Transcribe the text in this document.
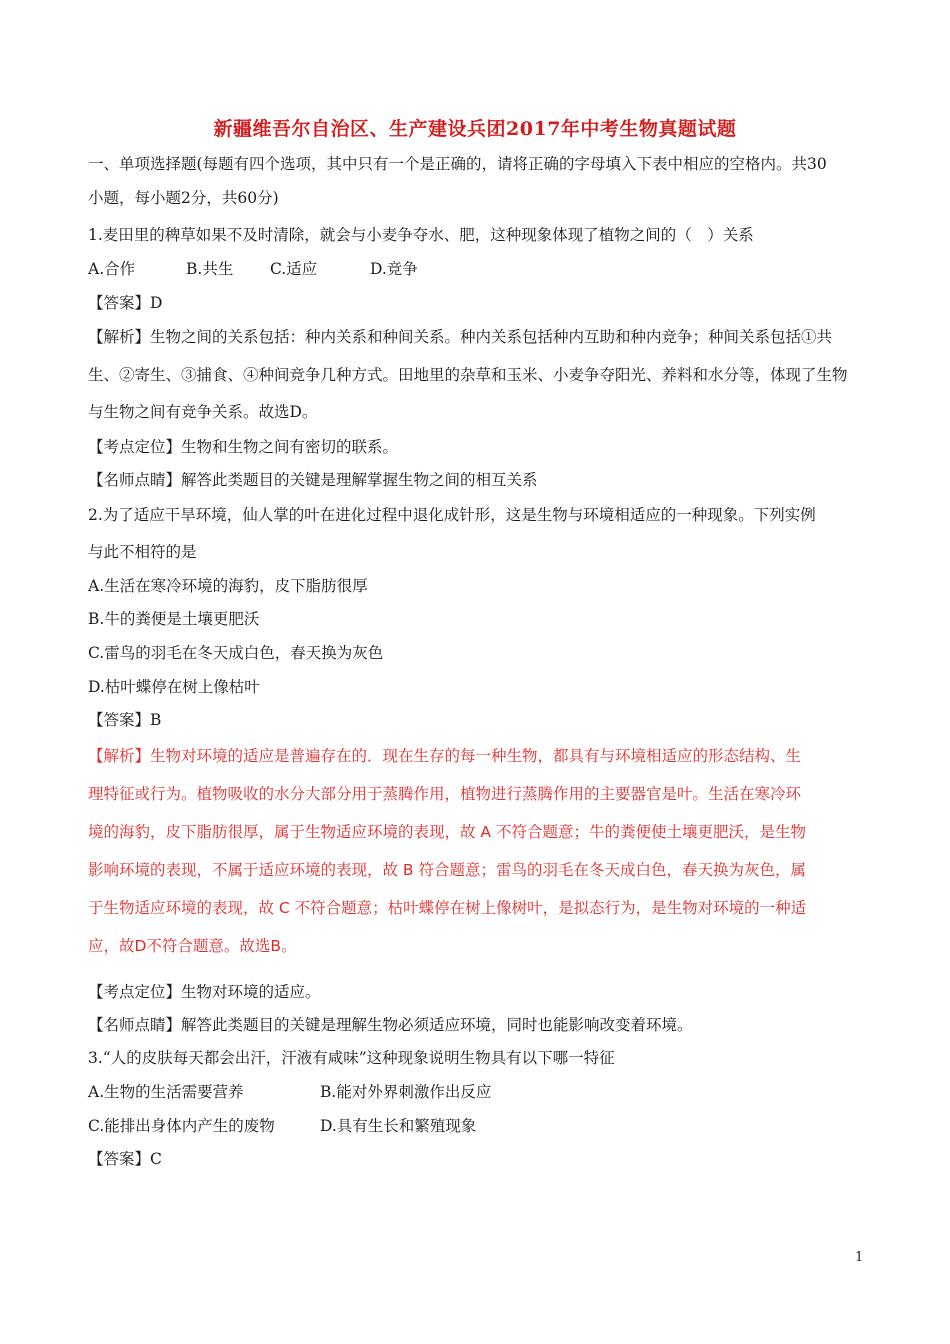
新疆维吾尔自治区、生产建设兵团2017年中考生物真题试题
一、单项选择题(每题有四个选项，其中只有一个是正确的，请将正确的字母填入下表中相应的空格内。共30
小题，每小题2分，共60分)
1.麦田里的稗草如果不及时清除，就会与小麦争夺水、肥，这种现象体现了植物之间的（　）关系
A.合作	B.共生 C.适应	D.竞争
【答案】D
【解析】生物之间的关系包括：种内关系和种间关系。种内关系包括种内互助和种内竞争；种间关系包括①共
生、②寄生、③捕食、④种间竞争几种方式。田地里的杂草和玉米、小麦争夺阳光、养料和水分等，体现了生物
与生物之间有竞争关系。故选D。
【考点定位】生物和生物之间有密切的联系。
【名师点睛】解答此类题目的关键是理解掌握生物之间的相互关系
2.为了适应干旱环境，仙人掌的叶在进化过程中退化成针形，这是生物与环境相适应的一种现象。下列实例
与此不相符的是
A.生活在寒冷环境的海豹，皮下脂肪很厚
B.牛的粪便是土壤更肥沃
C.雷鸟的羽毛在冬天成白色，春天换为灰色
D.枯叶蝶停在树上像枯叶
【答案】B
【解析】生物对环境的适应是普遍存在的．现在生存的每一种生物，都具有与环境相适应的形态结构、生
理特征或行为。植物吸收的水分大部分用于蒸腾作用，植物进行蒸腾作用的主要器官是叶。生活在寒冷环
境的海豹，皮下脂肪很厚，属于生物适应环境的表现，故 A 不符合题意；牛的粪便使土壤更肥沃，是生物
影响环境的表现，不属于适应环境的表现，故 B 符合题意；雷鸟的羽毛在冬天成白色，春天换为灰色，属
于生物适应环境的表现，故 C 不符合题意；枯叶蝶停在树上像树叶，是拟态行为，是生物对环境的一种适
应，故D不符合题意。故选B。
【考点定位】生物对环境的适应。
【名师点睛】解答此类题目的关键是理解生物必须适应环境，同时也能影响改变着环境。
3.“人的皮肤每天都会出汗，汗液有咸味”这种现象说明生物具有以下哪一特征
A.生物的生活需要营养	B.能对外界刺激作出反应
C.能排出身体内产生的废物	D.具有生长和繁殖现象
【答案】C
1
